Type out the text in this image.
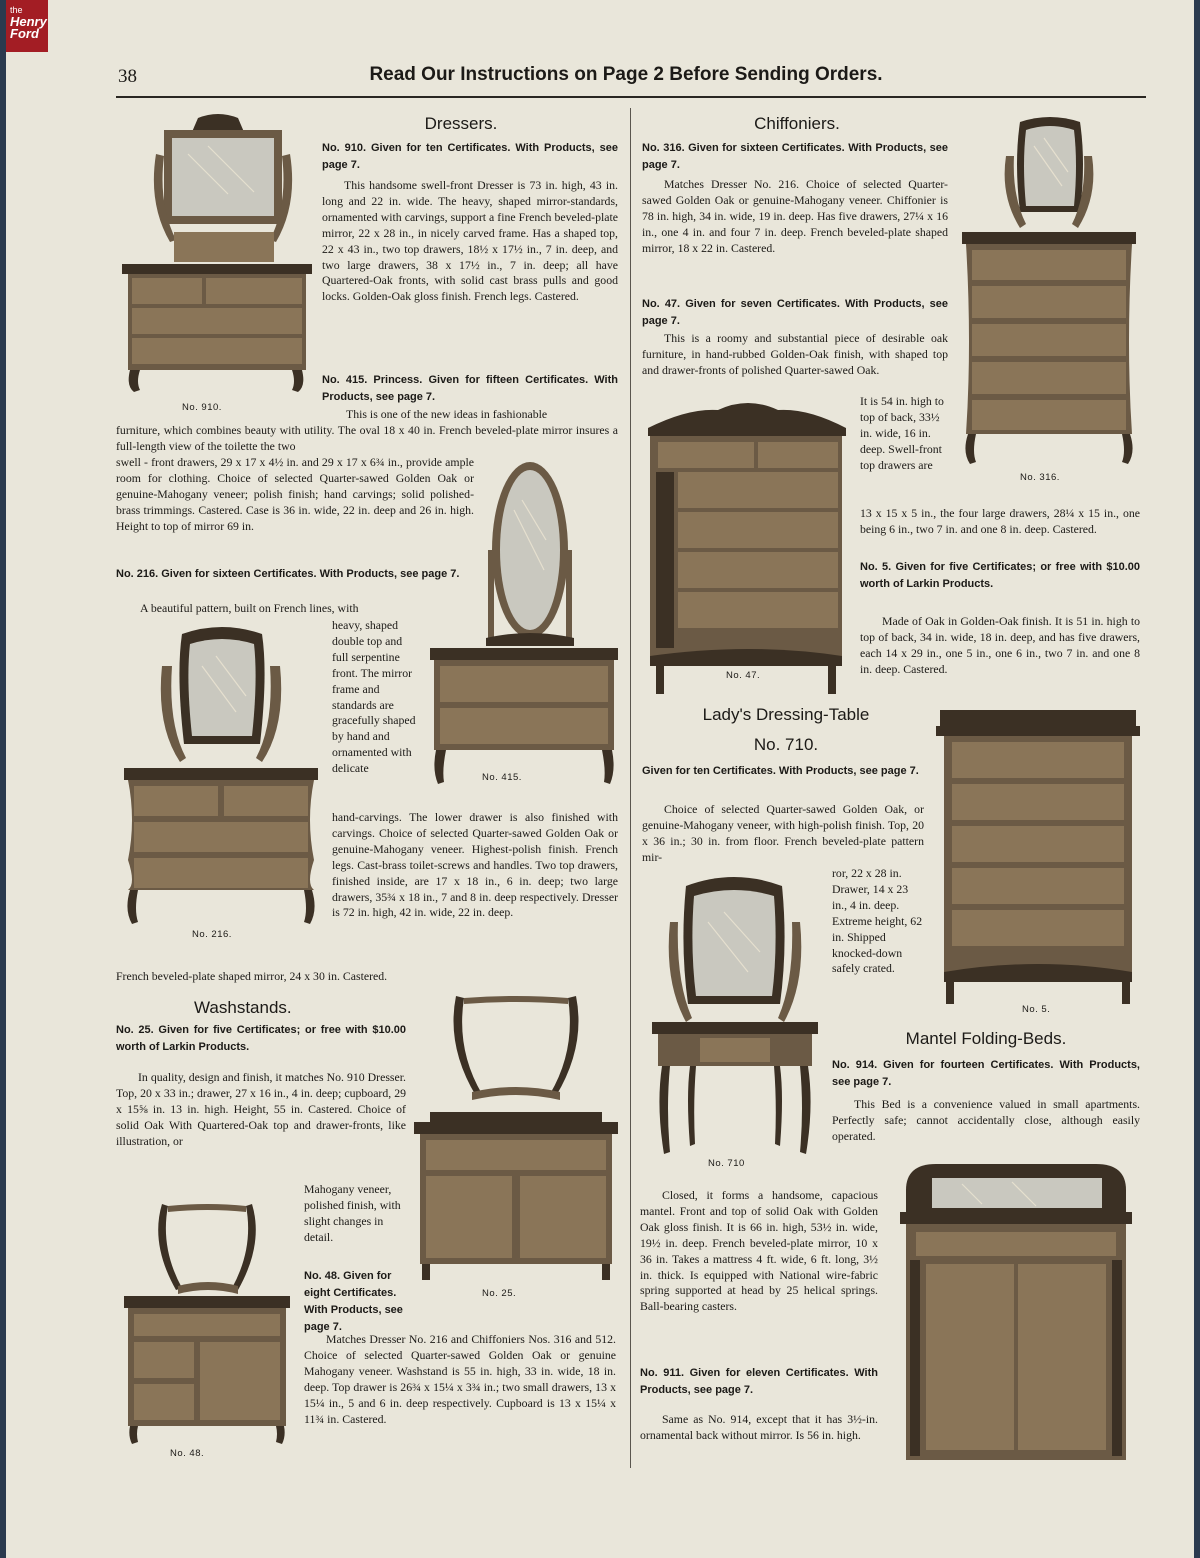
the
Henry
Ford
38	Read Our Instructions on Page 2 Before Sending Orders.

Dressers.

No. 910.

No. 910. Given for ten Certificates. With Products, see page 7.

This handsome swell-front Dresser is 73 in. high, 43 in. long and 22 in. wide. The heavy, shaped mirror-standards, ornamented with carvings, support a fine French beveled-plate mirror, 22 x 28 in., in nicely carved frame. Has a shaped top, 22 x 43 in., two top drawers, 18½ x 17½ in., 7 in. deep, and two large drawers, 38 x 17½ in., 7 in. deep; all have Quartered-Oak fronts, with solid cast brass pulls and good locks. Golden-Oak gloss finish. French legs. Castered.

No. 415. Princess. Given for fifteen Certificates. With Products, see page 7.

This is one of the new ideas in fashionable

furniture, which combines beauty with utility. The oval 18 x 40 in. French beveled-plate mirror insures a full-length view of the toilette the two

swell - front drawers, 29 x 17 x 4½ in. and 29 x 17 x 6¾ in., provide ample room for clothing. Choice of selected Quarter-sawed Golden Oak or genuine-Mahogany veneer; polish finish; hand carvings; solid polished-brass trimmings. Castered. Case is 36 in. wide, 22 in. deep and 26 in. high. Height to top of mirror 69 in.

No. 415.

No. 216. Given for sixteen Certificates. With Products, see page 7.

A beautiful pattern, built on French lines, with

heavy, shaped double top and full serpentine front. The mirror frame and standards are gracefully shaped by hand and ornamented with delicate

No. 216.

hand-carvings. The lower drawer is also finished with carvings. Choice of selected Quarter-sawed Golden Oak or genuine-Mahogany veneer. Highest-polish finish. French legs. Cast-brass toilet-screws and handles. Two top drawers, finished inside, are 17 x 18 in., 6 in. deep; two large drawers, 35¾ x 18 in., 7 and 8 in. deep respectively. Dresser is 72 in. high, 42 in. wide, 22 in. deep.

French beveled-plate shaped mirror, 24 x 30 in. Castered.

Washstands.

No. 25. Given for five Certificates; or free with $10.00 worth of Larkin Products.

In quality, design and finish, it matches No. 910 Dresser. Top, 20 x 33 in.; drawer, 27 x 16 in., 4 in. deep; cupboard, 29 x 15⅝ in. 13 in. high. Height, 55 in. Castered. Choice of solid Oak With Quartered-Oak top and drawer-fronts, like illustration, or

Mahogany veneer, polished finish, with slight changes in detail.

No. 25.

No. 48.

No. 48. Given for eight Certificates. With Products, see page 7.

Matches Dresser No. 216 and Chiffoniers Nos. 316 and 512. Choice of selected Quarter-sawed Golden Oak or genuine Mahogany veneer. Washstand is 55 in. high, 33 in. wide, 18 in. deep. Top drawer is 26¾ x 15¼ x 3¾ in.; two small drawers, 13 x 15¼ in., 5 and 6 in. deep respectively. Cupboard is 13 x 15¼ x 11¾ in. Castered.

Chiffoniers.

No. 316. Given for sixteen Certificates. With Products, see page 7.

Matches Dresser No. 216. Choice of selected Quarter-sawed Golden Oak or genuine-Mahogany veneer. Chiffonier is 78 in. high, 34 in. wide, 19 in. deep. Has five drawers, 27¼ x 16 in., one 4 in. and four 7 in. deep. French beveled-plate shaped mirror, 18 x 22 in. Castered.

No. 316.

No. 47. Given for seven Certificates. With Products, see page 7.

This is a roomy and substantial piece of desirable oak furniture, in hand-rubbed Golden-Oak finish, with shaped top and drawer-fronts of polished Quarter-sawed Oak.

No. 47.

It is 54 in. high to top of back, 33½ in. wide, 16 in. deep. Swell-front top drawers are

13 x 15 x 5 in., the four large drawers, 28¼ x 15 in., one being 6 in., two 7 in. and one 8 in. deep. Castered.

No. 5. Given for five Certificates; or free with $10.00 worth of Larkin Products.

Made of Oak in Golden-Oak finish. It is 51 in. high to top of back, 34 in. wide, 18 in. deep, and has five drawers, each 14 x 29 in., one 5 in., one 6 in., two 7 in. and one 8 in. deep. Castered.

Lady's Dressing-Table

No. 710.

Given for ten Certificates. With Products, see page 7.

Choice of selected Quarter-sawed Golden Oak, or genuine-Mahogany veneer, with high-polish finish. Top, 20 x 36 in.; 30 in. from floor. French beveled-plate pattern mir-

ror, 22 x 28 in. Drawer, 14 x 23 in., 4 in. deep. Extreme height, 62 in. Shipped knocked-down safely crated.

No. 5.

No. 710

Mantel Folding-Beds.

No. 914. Given for fourteen Certificates. With Products, see page 7.

This Bed is a convenience valued in small apartments. Perfectly safe; cannot accidentally close, although easily operated.

Closed, it forms a handsome, capacious mantel. Front and top of solid Oak with Golden Oak gloss finish. It is 66 in. high, 53½ in. wide, 19½ in. deep. French beveled-plate mirror, 10 x 36 in. Takes a mattress 4 ft. wide, 6 ft. long, 3½ in. thick. Is equipped with National wire-fabric spring supported at head by 25 helical springs. Ball-bearing casters.

No. 911. Given for eleven Certificates. With Products, see page 7.

Same as No. 914, except that it has 3½-in. ornamental back without mirror. Is 56 in. high.
